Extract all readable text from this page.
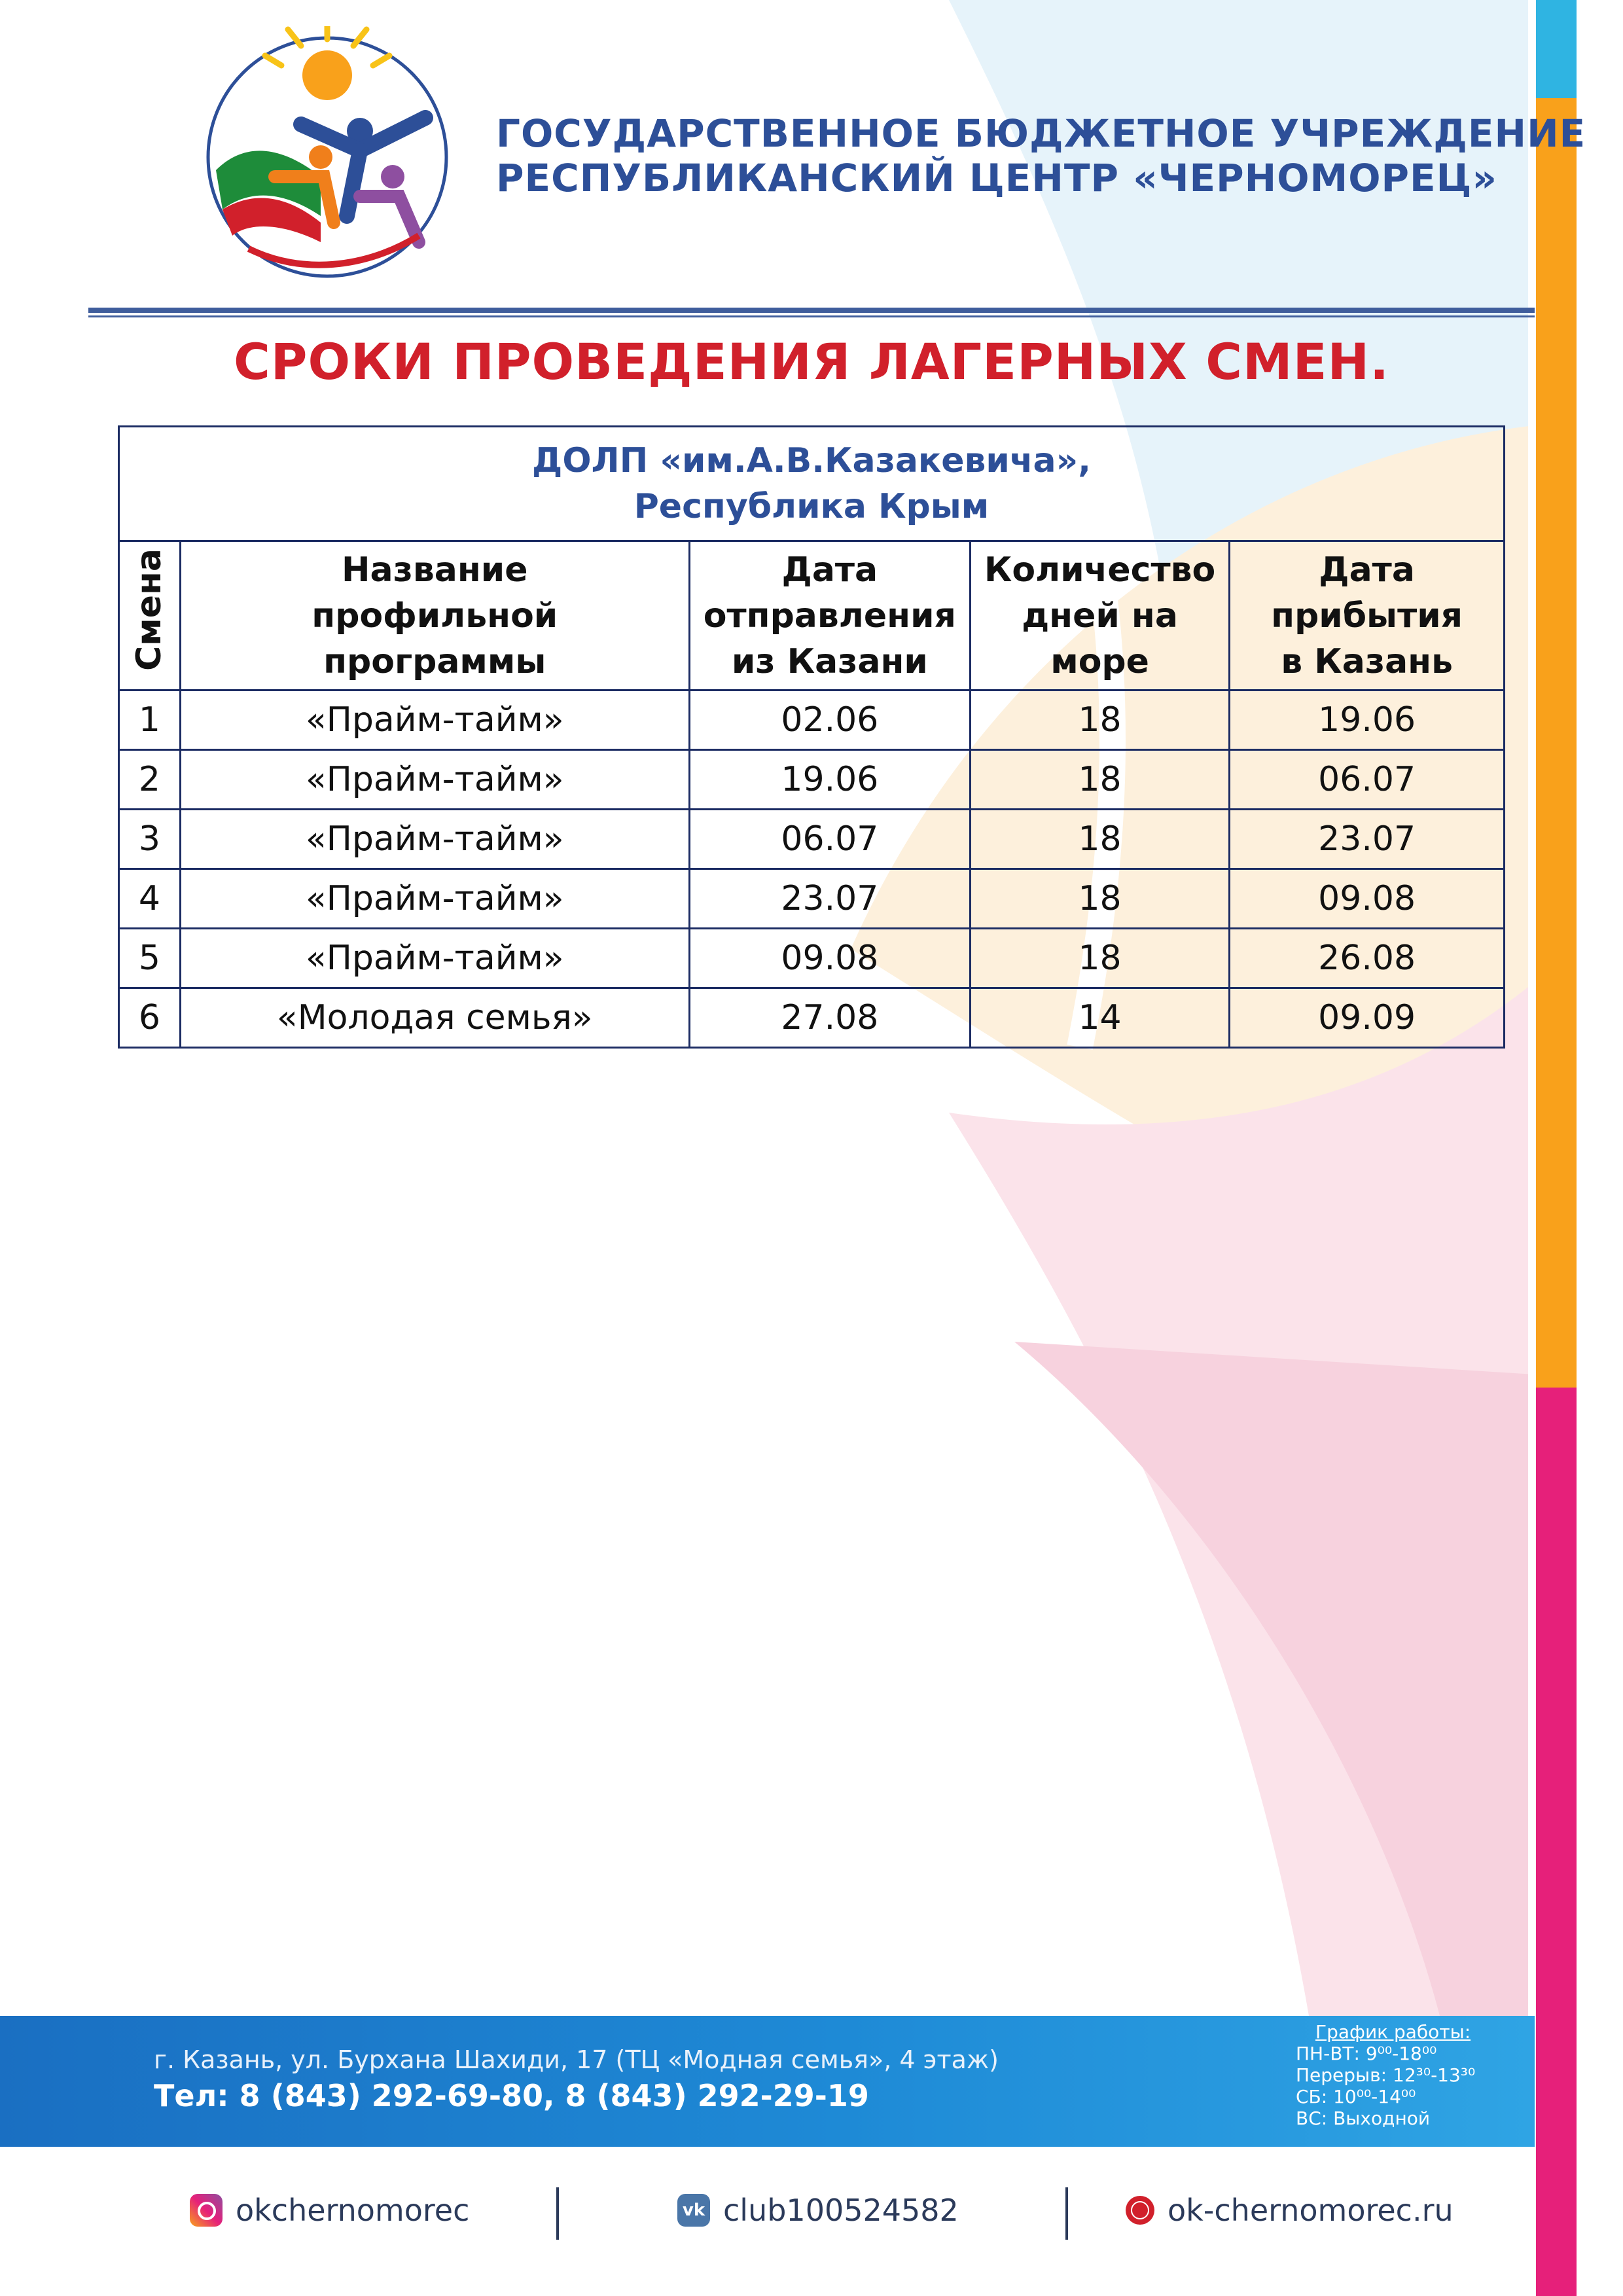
ГОСУДАРСТВЕННОЕ БЮДЖЕТНОЕ УЧРЕЖДЕНИЕ
РЕСПУБЛИКАНСКИЙ ЦЕНТР «ЧЕРНОМОРЕЦ»
СРОКИ ПРОВЕДЕНИЯ ЛАГЕРНЫХ СМЕН.
ДОЛП «им.А.В.Казакевича»,
Республика Крым				

Смена	Название профильной программы	Дата отправления из Казани	Количество дней на море	Дата прибытия в Казань
1	«Прайм-тайм»	02.06	18	19.06
2	«Прайм-тайм»	19.06	18	06.07
3	«Прайм-тайм»	06.07	18	23.07
4	«Прайм-тайм»	23.07	18	09.08
5	«Прайм-тайм»	09.08	18	26.08
6	«Молодая семья»	27.08	14	09.09
г. Казань, ул. Бурхана Шахиди, 17 (ТЦ «Модная семья», 4 этаж)
Тел: 8 (843) 292-69-80, 8 (843) 292-29-19
График работы:
ПН-ВТ: 9⁰⁰-18⁰⁰
Перерыв: 12³⁰-13³⁰
СБ: 10⁰⁰-14⁰⁰
ВС: Выходной
okchernomorec	vk club100524582	ok-chernomorec.ru
